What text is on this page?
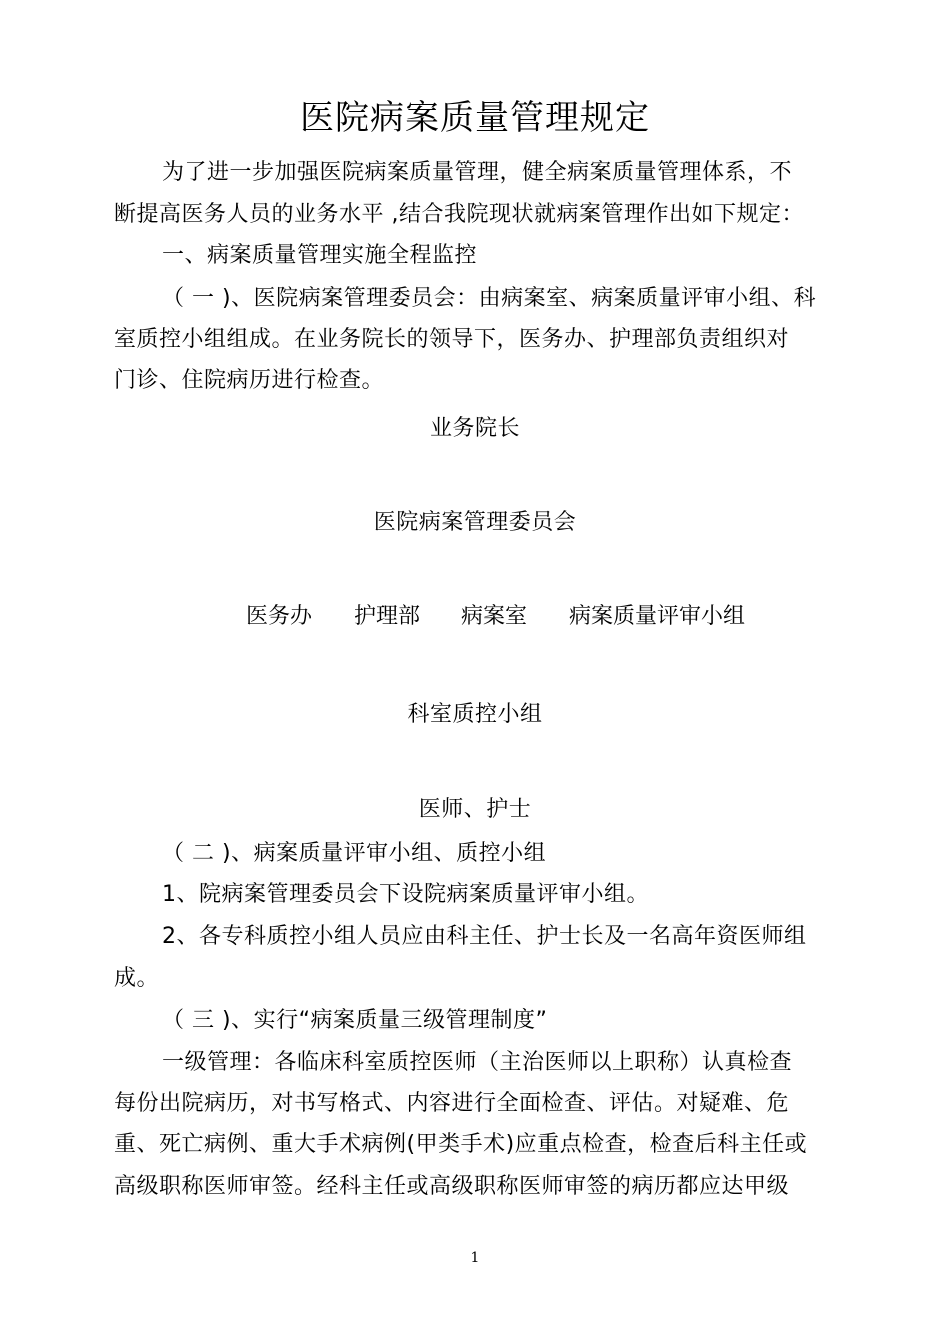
医院病案质量管理规定
为了进一步加强医院病案质量管理，健全病案质量管理体系，不
断提高医务人员的业务水平 ,结合我院现状就病案管理作出如下规定：
一、病案质量管理实施全程监控
（ 一 )、医院病案管理委员会：由病案室、病案质量评审小组、科
室质控小组组成。在业务院长的领导下，医务办、护理部负责组织对
门诊、住院病历进行检查。
业务院长
医院病案管理委员会
医务办 护理部 病案室 病案质量评审小组
科室质控小组
医师、护士
（ 二 )、病案质量评审小组、质控小组
1、院病案管理委员会下设院病案质量评审小组。
2、各专科质控小组人员应由科主任、护士长及一名高年资医师组
成。
（ 三 )、实行“病案质量三级管理制度”
一级管理：各临床科室质控医师（主治医师以上职称）认真检查
每份出院病历，对书写格式、内容进行全面检查、评估。对疑难、危
重、死亡病例、重大手术病例(甲类手术)应重点检查，检查后科主任或
高级职称医师审签。经科主任或高级职称医师审签的病历都应达甲级
1
